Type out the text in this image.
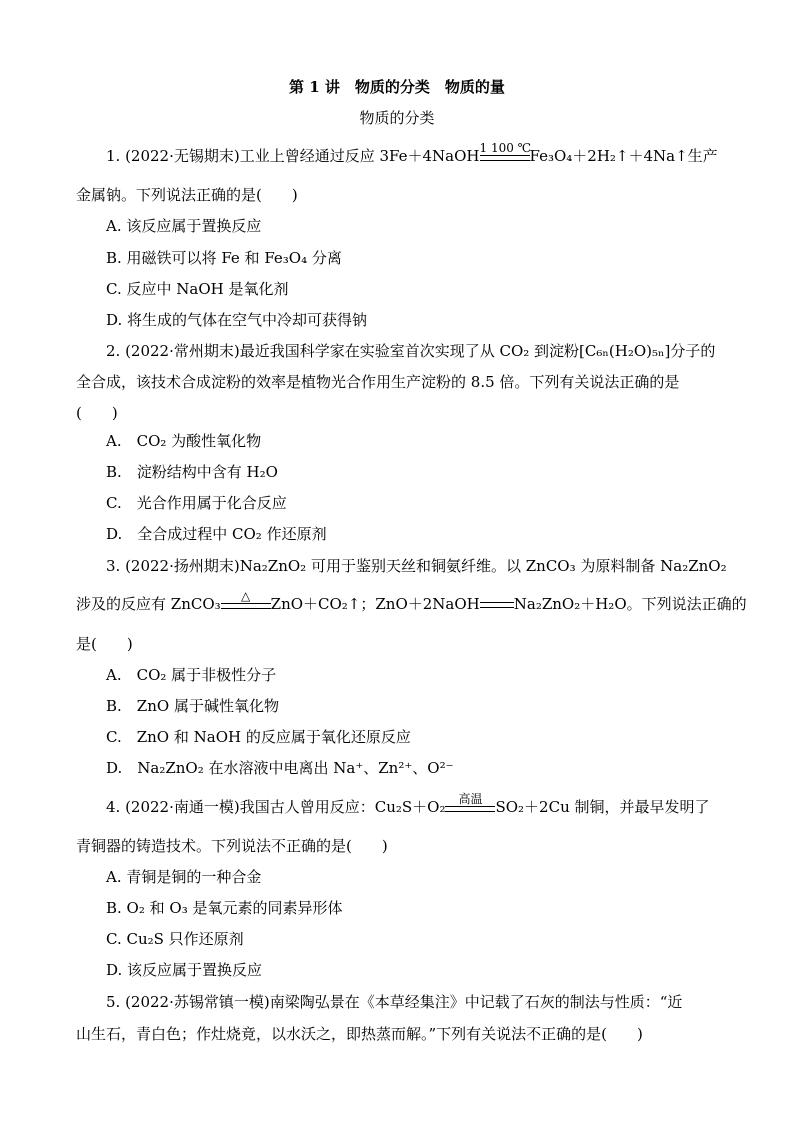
第 1 讲　物质的分类　物质的量
物质的分类
1. (2022·无锡期末)工业上曾经通过反应 3Fe＋4NaOH 1 100 ℃
Fe₃O₄＋2H₂↑＋4Na↑生产
金属钠。下列说法正确的是(　　)
A. 该反应属于置换反应
B. 用磁铁可以将 Fe 和 Fe₃O₄ 分离
C. 反应中 NaOH 是氧化剂
D. 将生成的气体在空气中冷却可获得钠
2. (2022·常州期末)最近我国科学家在实验室首次实现了从 CO₂ 到淀粉[C₆ₙ(H₂O)₅ₙ]分子的
全合成，该技术合成淀粉的效率是植物光合作用生产淀粉的 8.5 倍。下列有关说法正确的是
(　　)
A.　CO₂ 为酸性氧化物
B.　淀粉结构中含有 H₂O
C.　光合作用属于化合反应
D.　全合成过程中 CO₂ 作还原剂
3. (2022·扬州期末)Na₂ZnO₂ 可用于鉴别天丝和铜氨纤维。以 ZnCO₃ 为原料制备 Na₂ZnO₂
涉及的反应有 ZnCO₃	△	ZnO＋CO₂↑；ZnO＋2NaOH Na₂ZnO₂＋H₂O。下列说法正确的
是(　　)
A.　CO₂ 属于非极性分子
B.　ZnO 属于碱性氧化物
C.　ZnO 和 NaOH 的反应属于氧化还原反应
D.　Na₂ZnO₂ 在水溶液中电离出 Na⁺、Zn²⁺、O²⁻
4. (2022·南通一模)我国古人曾用反应：Cu₂S＋O₂	高温 SO₂＋2Cu 制铜，并最早发明了
青铜器的铸造技术。下列说法不正确的是(　　)
A. 青铜是铜的一种合金
B. O₂ 和 O₃ 是氧元素的同素异形体
C. Cu₂S 只作还原剂
D. 该反应属于置换反应
5. (2022·苏锡常镇一模)南梁陶弘景在《本草经集注》中记载了石灰的制法与性质：“近
山生石，青白色；作灶烧竟，以水沃之，即热蒸而解。”下列有关说法不正确的是(　　)
